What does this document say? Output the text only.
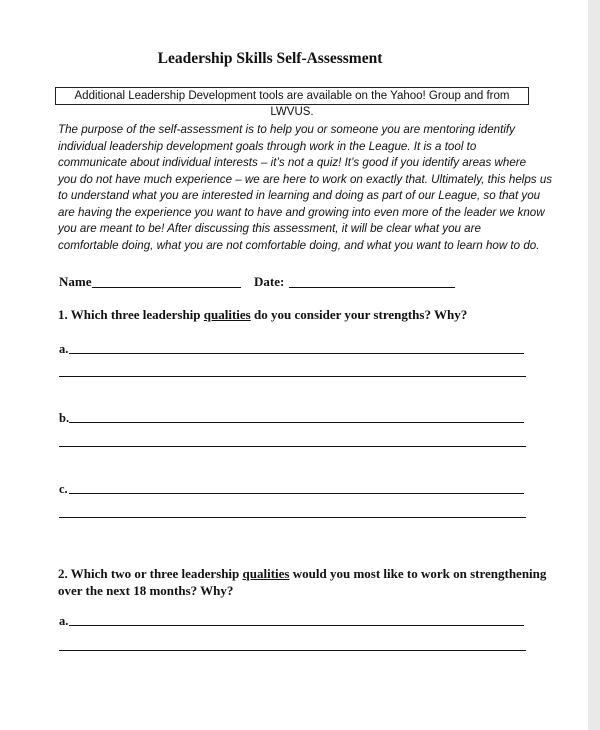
Leadership Skills Self-Assessment
Additional Leadership Development tools are available on the Yahoo! Group and from LWVUS.
The purpose of the self-assessment is to help you or someone you are mentoring identify
individual leadership development goals through work in the League. It is a tool to
communicate about individual interests – it’s not a quiz! It’s good if you identify areas where
you do not have much experience – we are here to work on exactly that. Ultimately, this helps us
to understand what you are interested in learning and doing as part of our League, so that you
are having the experience you want to have and growing into even more of the leader we know
you are meant to be! After discussing this assessment, it will be clear what you are
comfortable doing, what you are not comfortable doing, and what you want to learn how to do.
Name	Date:
1. Which three leadership qualities do you consider your strengths? Why?
a.
b.
c.
2. Which two or three leadership qualities would you most like to work on strengthening
over the next 18 months? Why?
a.
